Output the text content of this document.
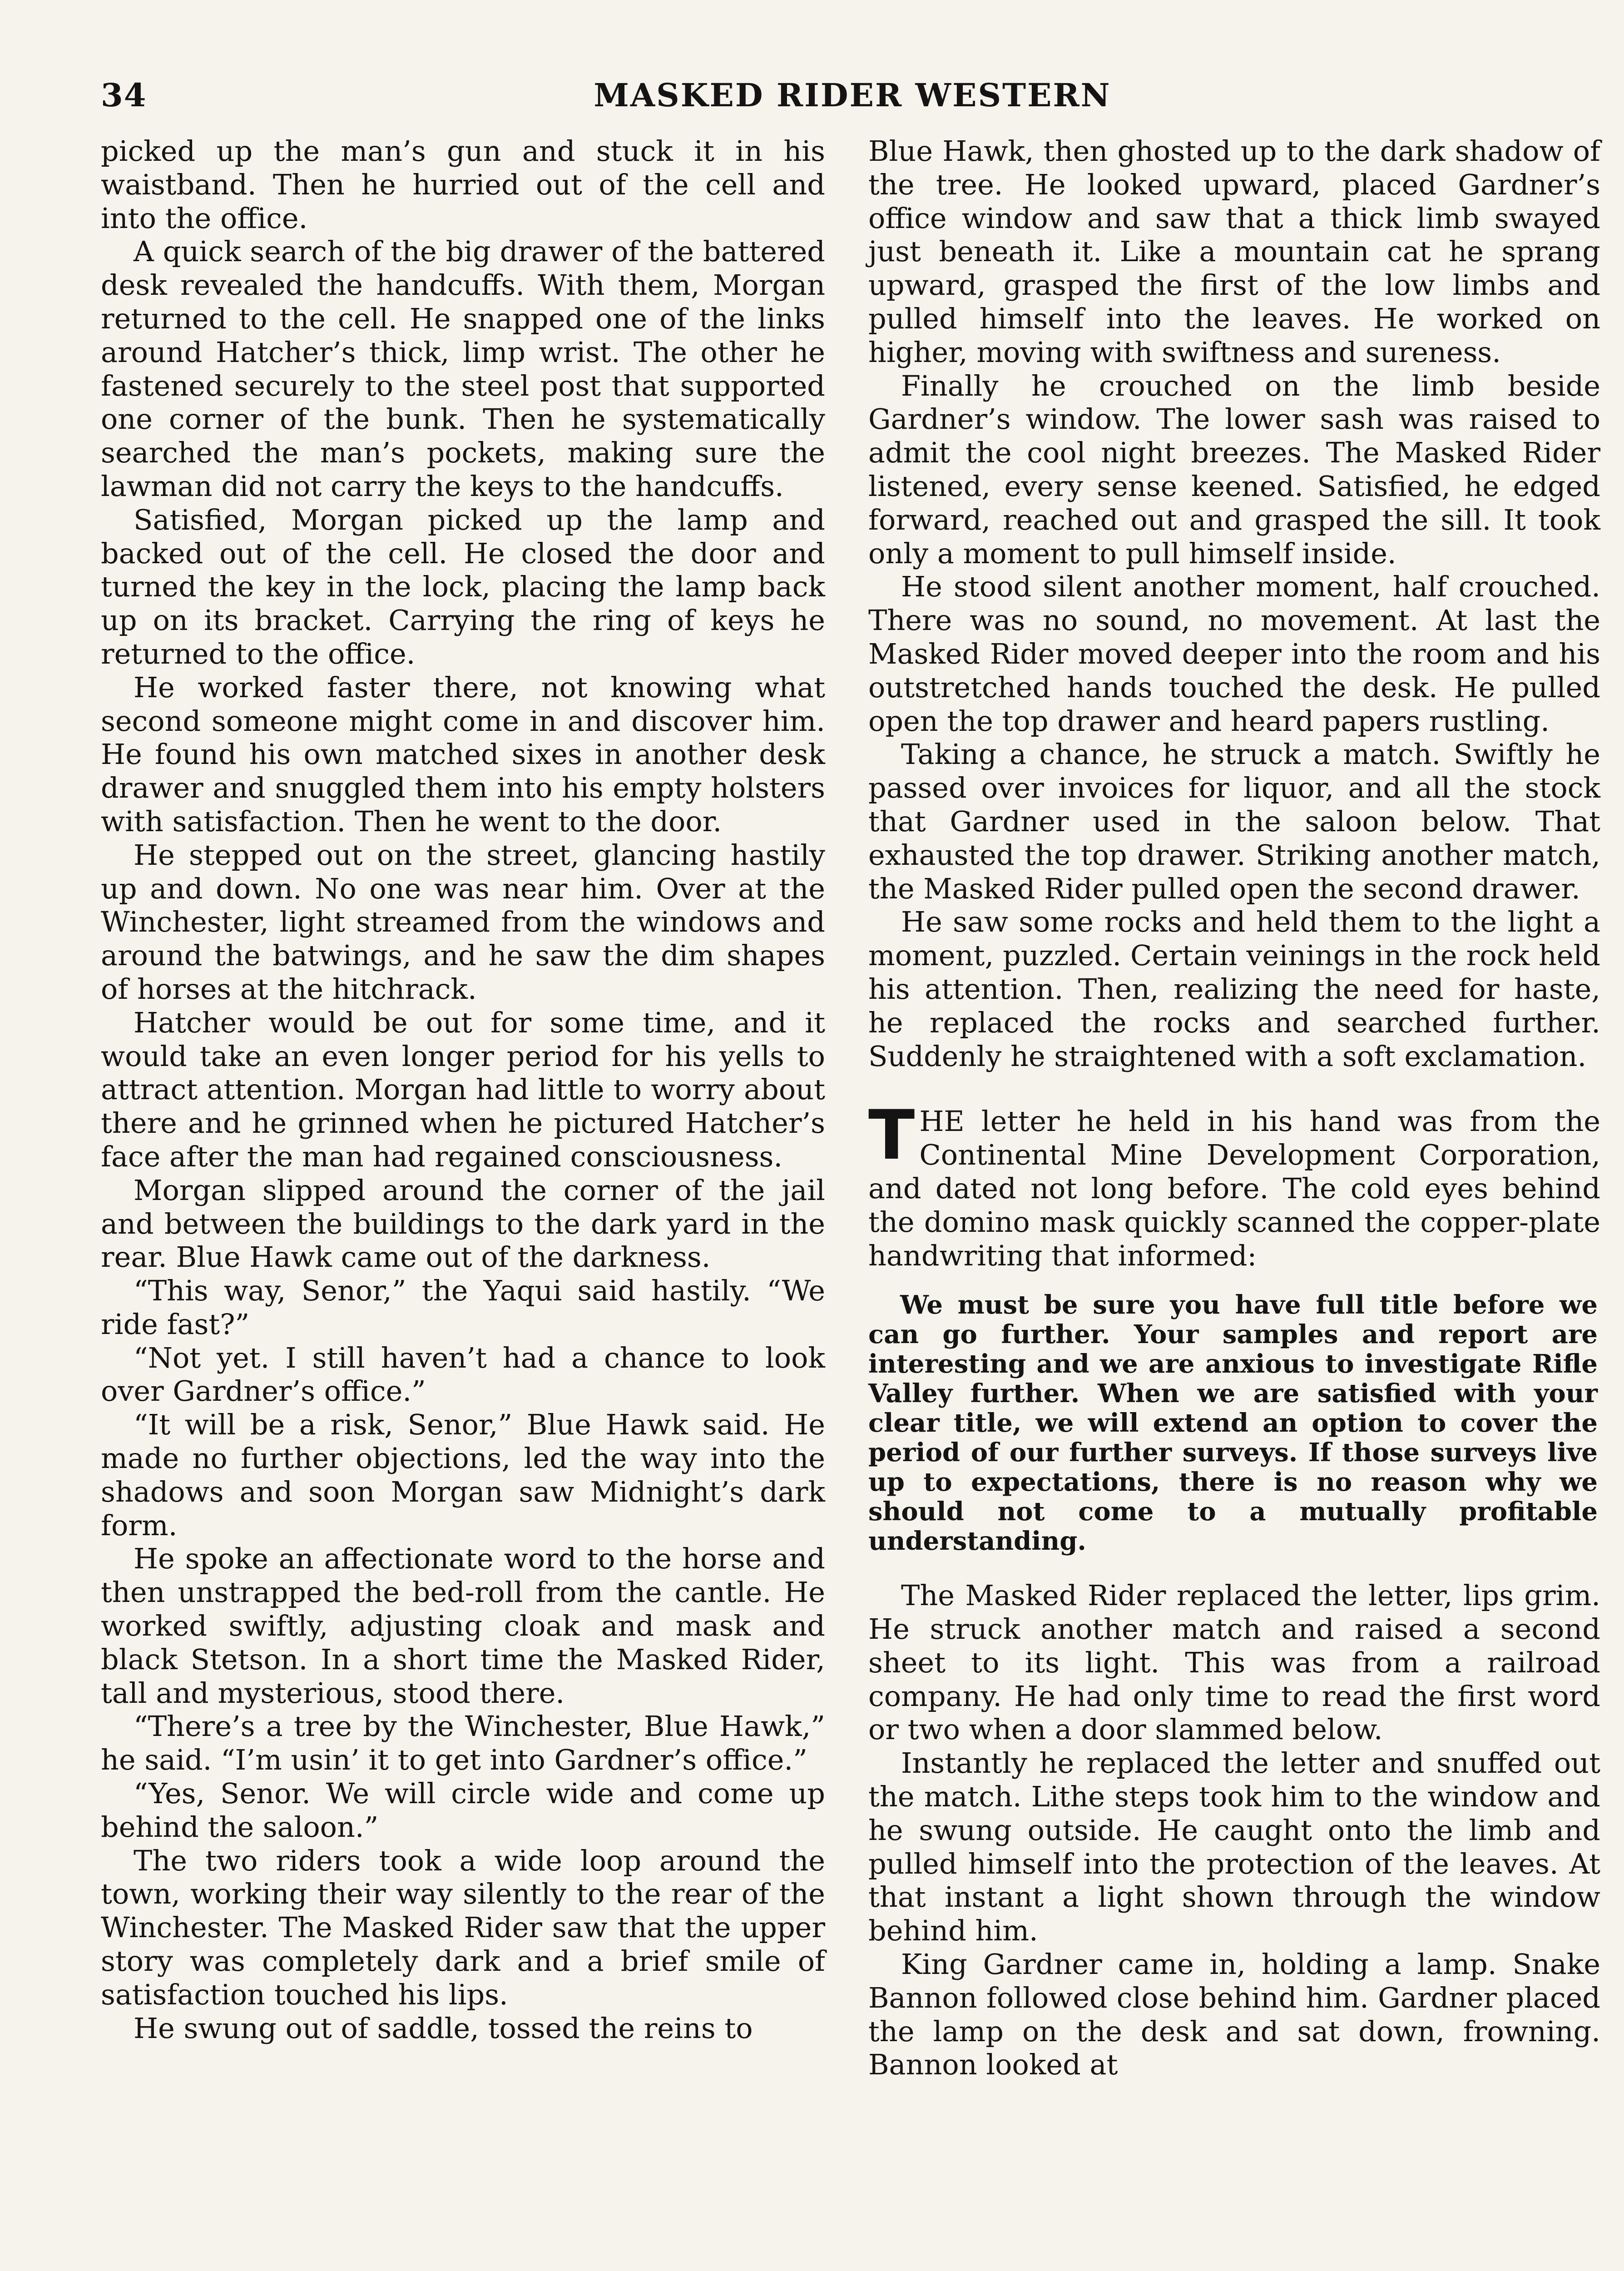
34	MASKED RIDER WESTERN

picked up the man’s gun and stuck it in his waistband. Then he hurried out of the cell and into the office.

A quick search of the big drawer of the battered desk revealed the handcuffs. With them, Morgan returned to the cell. He snapped one of the links around Hatcher’s thick, limp wrist. The other he fastened securely to the steel post that supported one corner of the bunk. Then he systematically searched the man’s pockets, making sure the lawman did not carry the keys to the handcuffs.

Satisfied, Morgan picked up the lamp and backed out of the cell. He closed the door and turned the key in the lock, placing the lamp back up on its bracket. Carrying the ring of keys he returned to the office.

He worked faster there, not knowing what second someone might come in and discover him. He found his own matched sixes in another desk drawer and snuggled them into his empty holsters with satisfaction. Then he went to the door.

He stepped out on the street, glancing hastily up and down. No one was near him. Over at the Winchester, light streamed from the windows and around the batwings, and he saw the dim shapes of horses at the hitchrack.

Hatcher would be out for some time, and it would take an even longer period for his yells to attract attention. Morgan had little to worry about there and he grinned when he pictured Hatcher’s face after the man had regained consciousness.

Morgan slipped around the corner of the jail and between the buildings to the dark yard in the rear. Blue Hawk came out of the darkness.

“This way, Senor,” the Yaqui said hastily. “We ride fast?”

“Not yet. I still haven’t had a chance to look over Gardner’s office.”

“It will be a risk, Senor,” Blue Hawk said. He made no further objections, led the way into the shadows and soon Morgan saw Midnight’s dark form.

He spoke an affectionate word to the horse and then unstrapped the bed-roll from the cantle. He worked swiftly, adjusting cloak and mask and black Stetson. In a short time the Masked Rider, tall and mysterious, stood there.

“There’s a tree by the Winchester, Blue Hawk,” he said. “I’m usin’ it to get into Gardner’s office.”

“Yes, Senor. We will circle wide and come up behind the saloon.”

The two riders took a wide loop around the town, working their way silently to the rear of the Winchester. The Masked Rider saw that the upper story was completely dark and a brief smile of satisfaction touched his lips.

He swung out of saddle, tossed the reins to

Blue Hawk, then ghosted up to the dark shadow of the tree. He looked upward, placed Gardner’s office window and saw that a thick limb swayed just beneath it. Like a mountain cat he sprang upward, grasped the first of the low limbs and pulled himself into the leaves. He worked on higher, moving with swiftness and sureness.

Finally he crouched on the limb beside Gardner’s window. The lower sash was raised to admit the cool night breezes. The Masked Rider listened, every sense keened. Satisfied, he edged forward, reached out and grasped the sill. It took only a moment to pull himself inside.

He stood silent another moment, half crouched. There was no sound, no movement. At last the Masked Rider moved deeper into the room and his outstretched hands touched the desk. He pulled open the top drawer and heard papers rustling.

Taking a chance, he struck a match. Swiftly he passed over invoices for liquor, and all the stock that Gardner used in the saloon below. That exhausted the top drawer. Striking another match, the Masked Rider pulled open the second drawer.

He saw some rocks and held them to the light a moment, puzzled. Certain veinings in the rock held his attention. Then, realizing the need for haste, he replaced the rocks and searched further. Suddenly he straightened with a soft exclamation.

THE letter he held in his hand was from the Continental Mine Development Corporation, and dated not long before. The cold eyes behind the domino mask quickly scanned the copper-plate handwriting that informed:

We must be sure you have full title before we can go further. Your samples and report are interesting and we are anxious to investigate Rifle Valley further. When we are satisfied with your clear title, we will extend an option to cover the period of our further surveys. If those surveys live up to expectations, there is no reason why we should not come to a mutually profitable understanding.

The Masked Rider replaced the letter, lips grim. He struck another match and raised a second sheet to its light. This was from a railroad company. He had only time to read the first word or two when a door slammed below.

Instantly he replaced the letter and snuffed out the match. Lithe steps took him to the window and he swung outside. He caught onto the limb and pulled himself into the protection of the leaves. At that instant a light shown through the window behind him.

King Gardner came in, holding a lamp. Snake Bannon followed close behind him. Gardner placed the lamp on the desk and sat down, frowning. Bannon looked at
